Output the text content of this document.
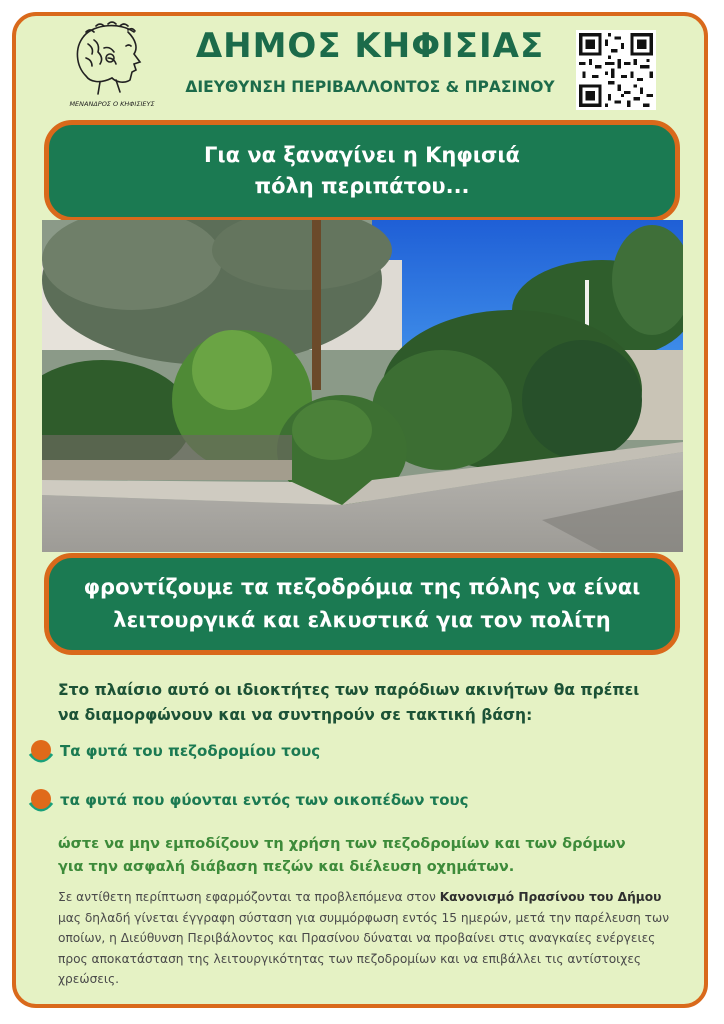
ΜΕΝΑΝΔΡΟΣ Ο ΚΗΦΙΣΙΕΥΣ
ΔΗΜΟΣ ΚΗΦΙΣΙΑΣ
ΔΙΕΥΘΥΝΣΗ ΠΕΡΙΒΑΛΛΟΝΤΟΣ & ΠΡΑΣΙΝΟΥ
Για να ξαναγίνει η Κηφισιά
πόλη περιπάτου...
φροντίζουμε τα πεζοδρόμια της πόλης να είναι
λειτουργικά και ελκυστικά για τον πολίτη
Στο πλαίσιο αυτό οι ιδιοκτήτες των παρόδιων ακινήτων θα πρέπει
να διαμορφώνουν και να συντηρούν σε τακτική βάση:
Τα φυτά του πεζοδρομίου τους
τα φυτά που φύονται εντός των οικοπέδων τους
ώστε να μην εμποδίζουν τη χρήση των πεζοδρομίων και των δρόμων
για την ασφαλή διάβαση πεζών και διέλευση οχημάτων.
Σε αντίθετη περίπτωση εφαρμόζονται τα προβλεπόμενα στον Κανονισμό Πρασίνου του Δήμου μας δηλαδή γίνεται έγγραφη σύσταση για συμμόρφωση εντός 15 ημερών, μετά την παρέλευση των οποίων, η Διεύθυνση Περιβάλοντος και Πρασίνου δύναται να προβαίνει στις αναγκαίες ενέργειες προς αποκατάσταση της λειτουργικότητας των πεζοδρομίων και να επιβάλλει τις αντίστοιχες χρεώσεις.
